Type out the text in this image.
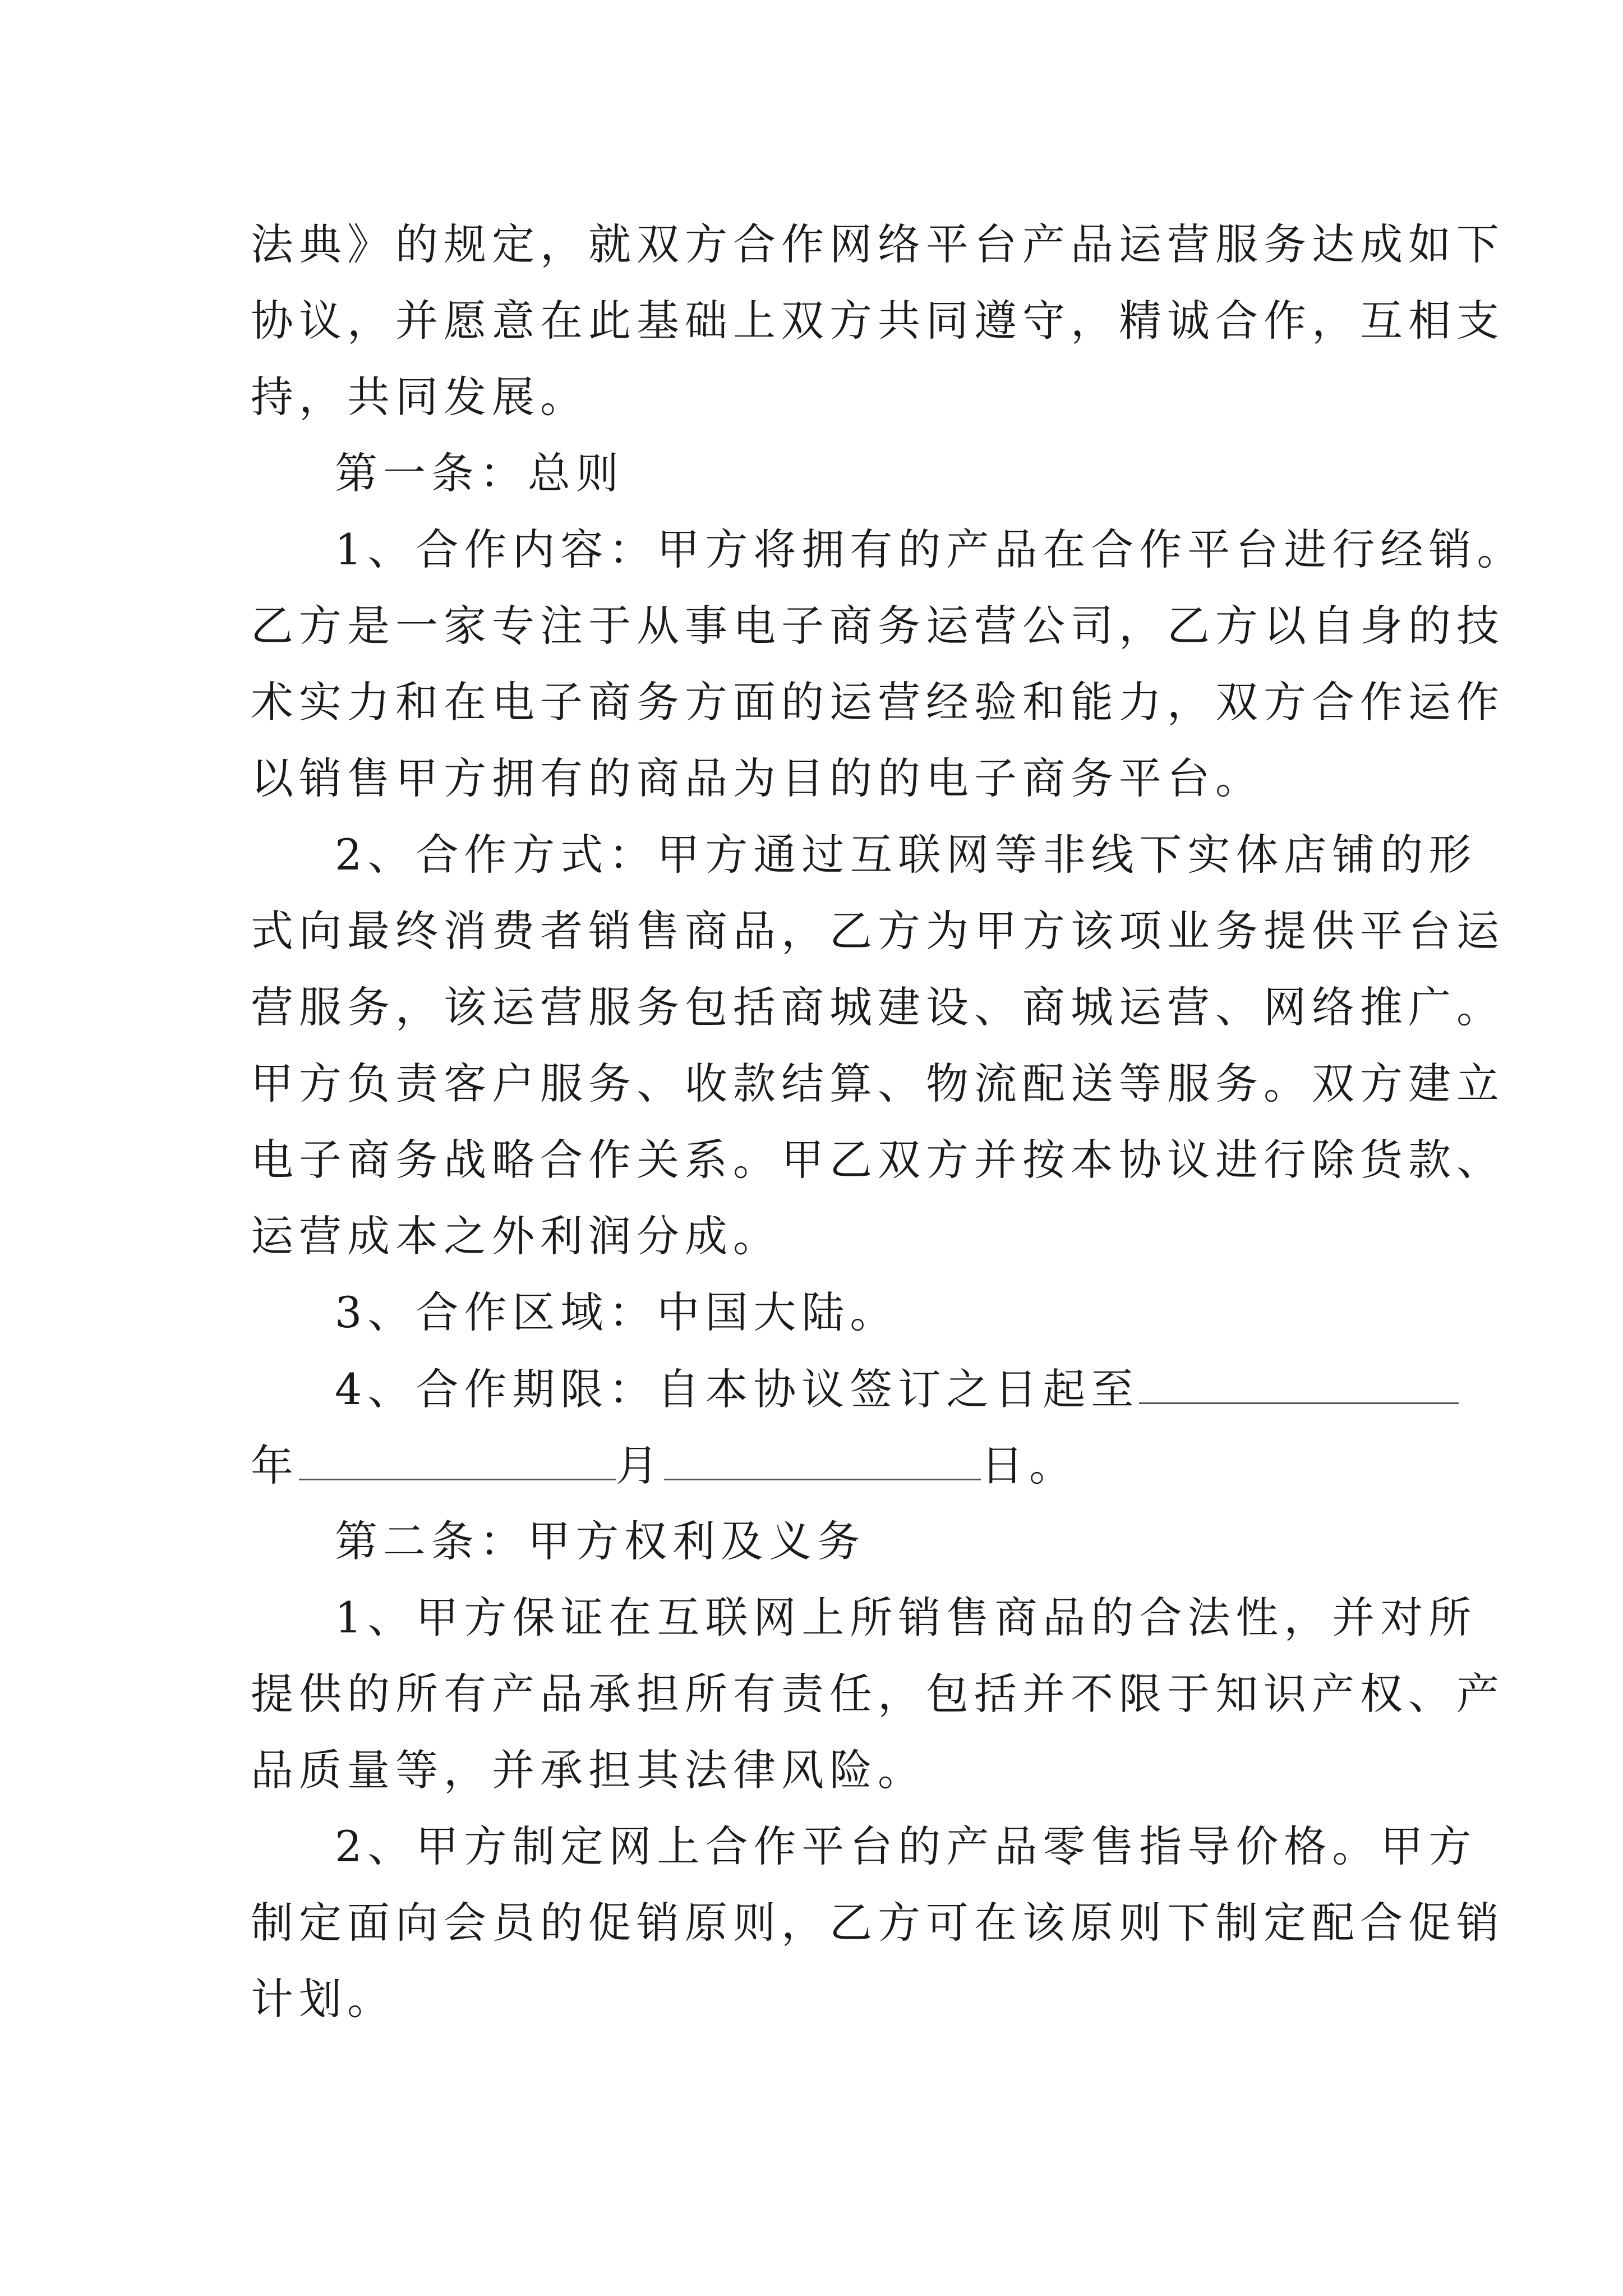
法典》的规定，就双方合作网络平台产品运营服务达成如下
协议，并愿意在此基础上双方共同遵守，精诚合作，互相支
持，共同发展。
第一条：总则
1、合作内容：甲方将拥有的产品在合作平台进行经销。
乙方是一家专注于从事电子商务运营公司，乙方以自身的技
术实力和在电子商务方面的运营经验和能力，双方合作运作
以销售甲方拥有的商品为目的的电子商务平台。
2、合作方式：甲方通过互联网等非线下实体店铺的形
式向最终消费者销售商品，乙方为甲方该项业务提供平台运
营服务，该运营服务包括商城建设、商城运营、网络推广。
甲方负责客户服务、收款结算、物流配送等服务。双方建立
电子商务战略合作关系。甲乙双方并按本协议进行除货款、
运营成本之外利润分成。
3、合作区域：中国大陆。
4、合作期限：自本协议签订之日起至
年	月	日。
第二条：甲方权利及义务
1、甲方保证在互联网上所销售商品的合法性，并对所
提供的所有产品承担所有责任，包括并不限于知识产权、产
品质量等，并承担其法律风险。
2、甲方制定网上合作平台的产品零售指导价格。甲方
制定面向会员的促销原则，乙方可在该原则下制定配合促销
计划。
